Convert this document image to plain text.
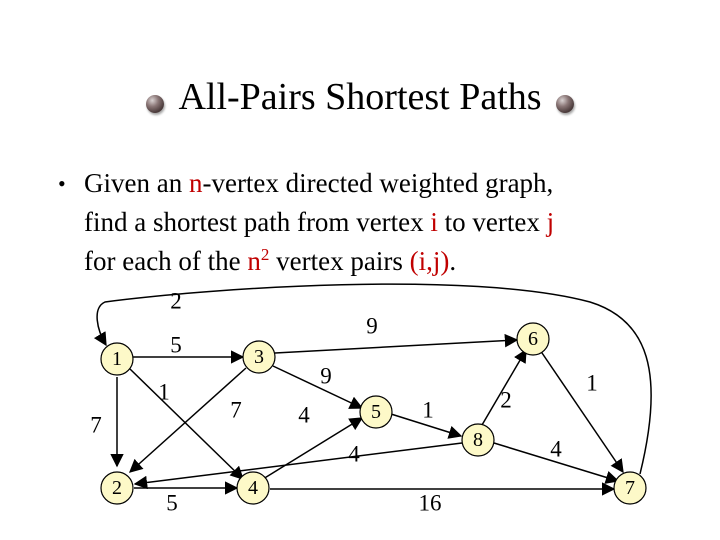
All-Pairs Shortest Paths
• Given an n-vertex directed weighted graph,
find a shortest path from vertex i to vertex j
for each of the $n^2$ vertex pairs (i,j).
1
2
3
4
5
6
7
8
7
5
1
7
5
9
9
4	1
4
2
1
4
16
2
